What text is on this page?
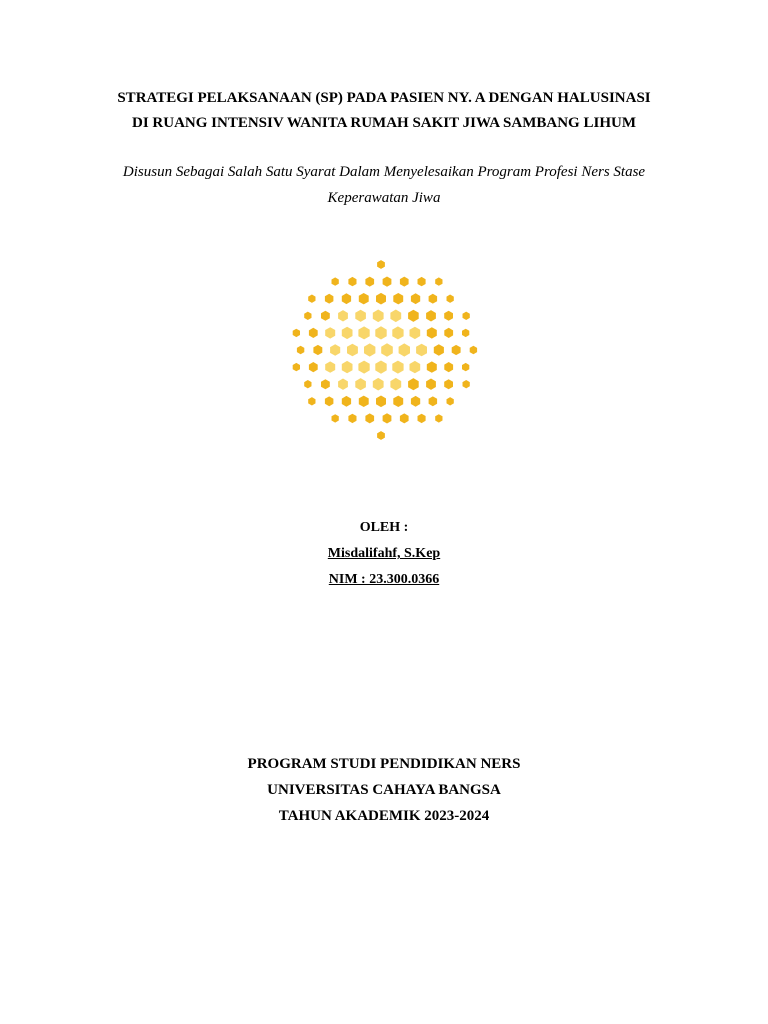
STRATEGI PELAKSANAAN (SP) PADA PASIEN NY. A DENGAN HALUSINASI
DI RUANG INTENSIV WANITA RUMAH SAKIT JIWA SAMBANG LIHUM
Disusun Sebagai Salah Satu Syarat Dalam Menyelesaikan Program Profesi Ners Stase
Keperawatan Jiwa
OLEH :
Misdalifahf, S.Kep
NIM : 23.300.0366
PROGRAM STUDI PENDIDIKAN NERS
UNIVERSITAS CAHAYA BANGSA
TAHUN AKADEMIK 2023-2024
